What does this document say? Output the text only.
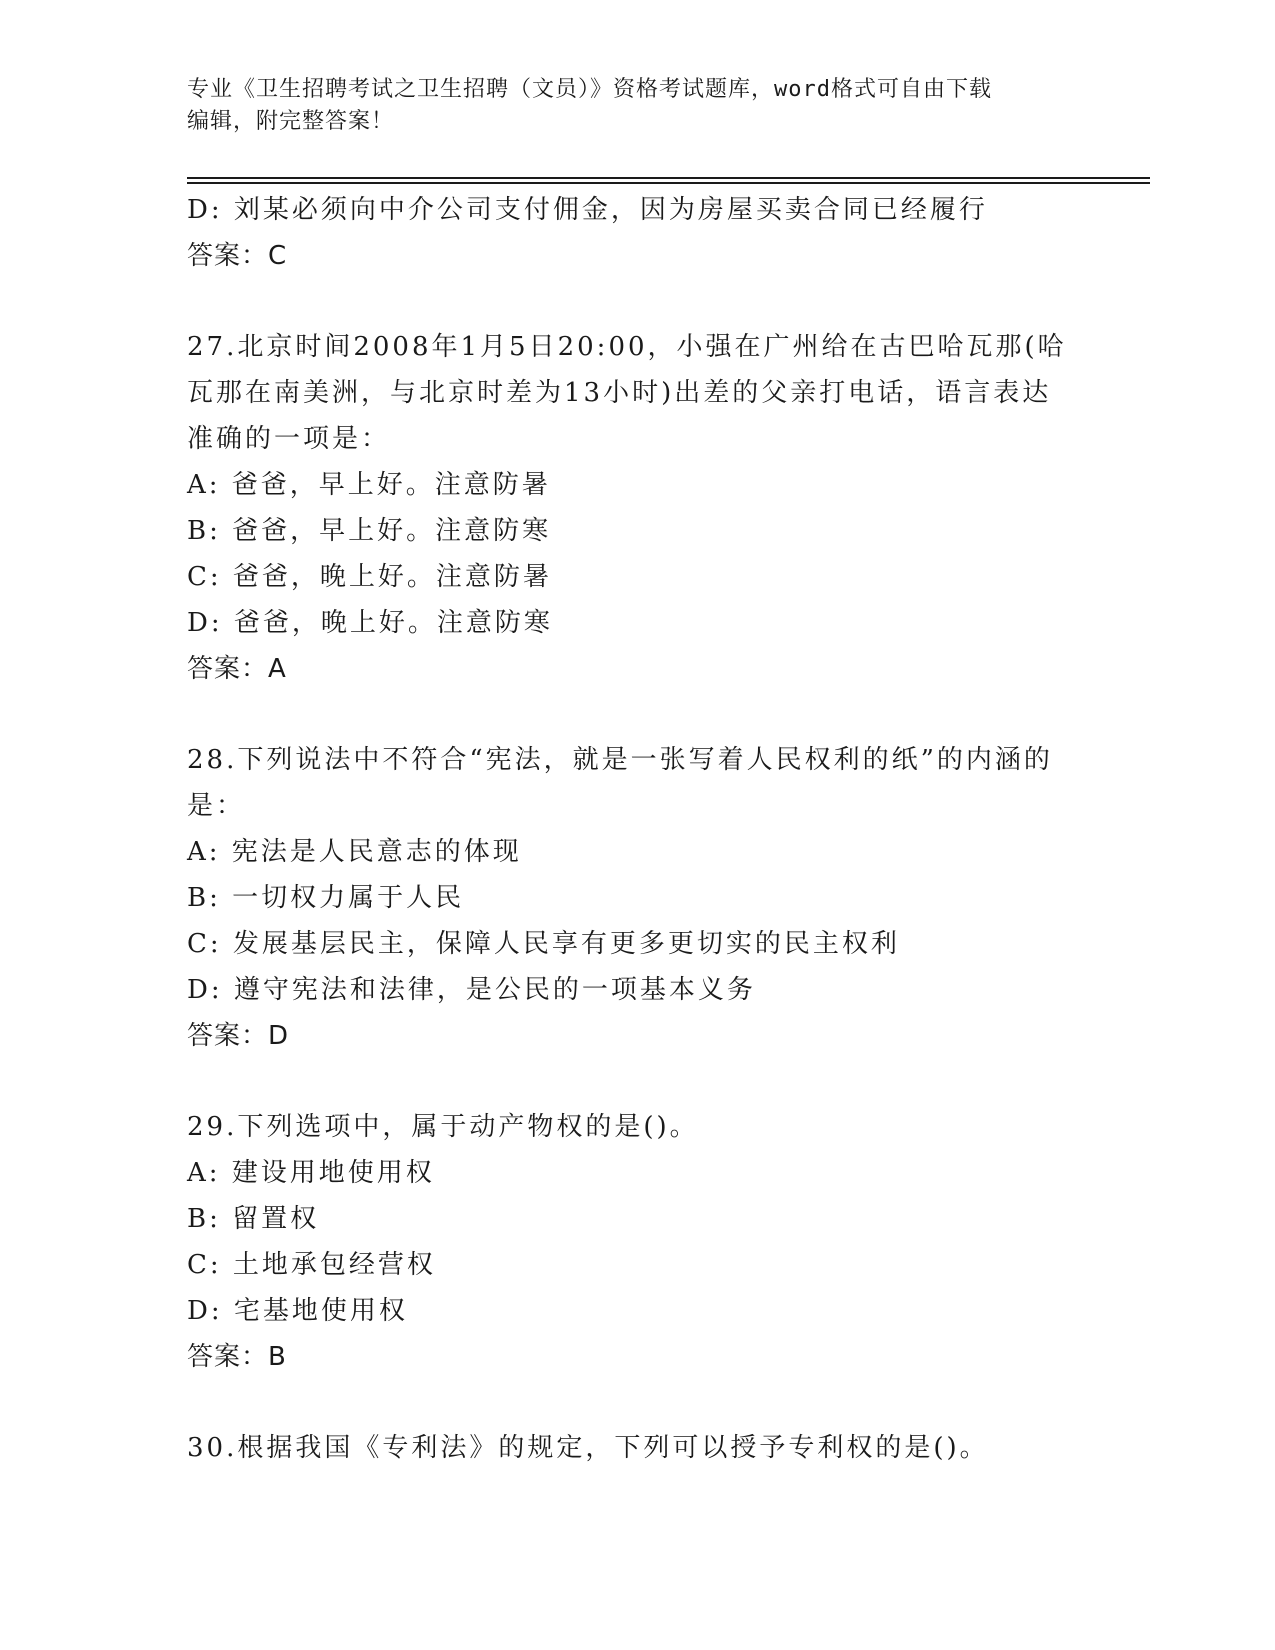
专业《卫生招聘考试之卫生招聘（文员）》资格考试题库，word格式可自由下载
编辑，附完整答案！
D: 刘某必须向中介公司支付佣金，因为房屋买卖合同已经履行
答案：C
27.北京时间2008年1月5日20:00，小强在广州给在古巴哈瓦那(哈
瓦那在南美洲，与北京时差为13小时)出差的父亲打电话，语言表达
准确的一项是：
A: 爸爸，早上好。注意防暑
B: 爸爸，早上好。注意防寒
C: 爸爸，晚上好。注意防暑
D: 爸爸，晚上好。注意防寒
答案：A
28.下列说法中不符合“宪法，就是一张写着人民权利的纸”的内涵的
是：
A: 宪法是人民意志的体现
B: 一切权力属于人民
C: 发展基层民主，保障人民享有更多更切实的民主权利
D: 遵守宪法和法律，是公民的一项基本义务
答案：D
29.下列选项中，属于动产物权的是()。
A: 建设用地使用权
B: 留置权
C: 土地承包经营权
D: 宅基地使用权
答案：B
30.根据我国《专利法》的规定，下列可以授予专利权的是()。
